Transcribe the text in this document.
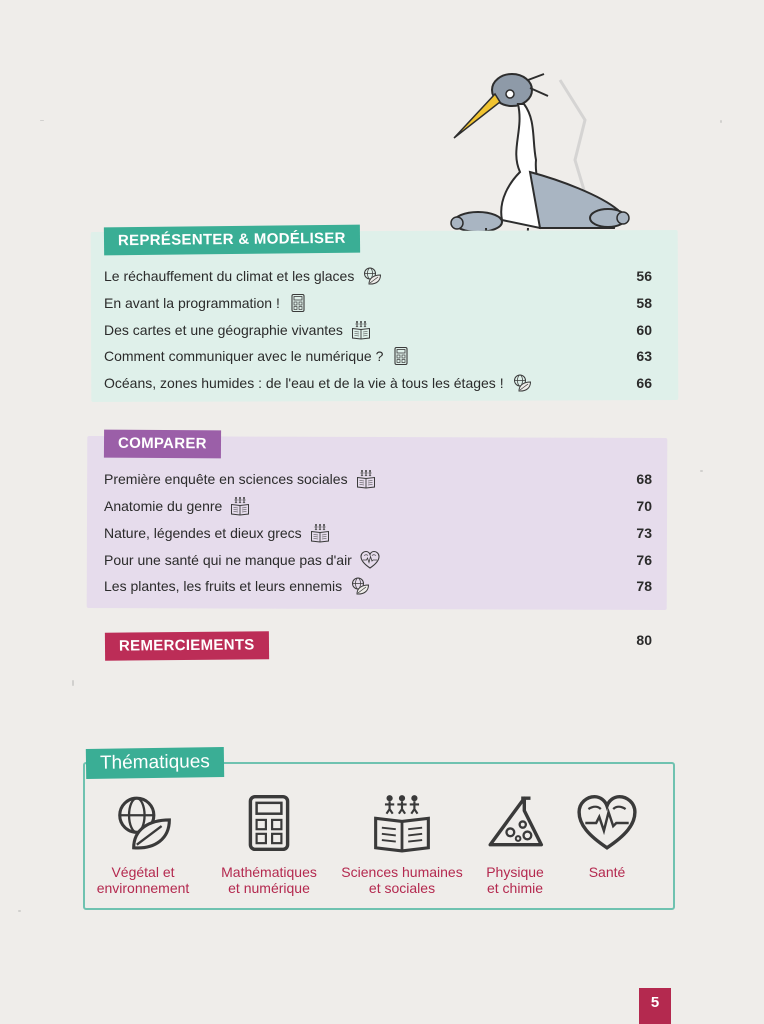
REPRÉSENTER & MODÉLISER
Le réchauffement du climat et les glaces	56
En avant la programmation !	58
Des cartes et une géographie vivantes	60
Comment communiquer avec le numérique ?	63
Océans, zones humides : de l'eau et de la vie à tous les étages !	66
COMPARER
Première enquête en sciences sociales	68
Anatomie du genre	70
Nature, légendes et dieux grecs	73
Pour une santé qui ne manque pas d'air	76
Les plantes, les fruits et leurs ennemis	78
REMERCIEMENTS	80
Thématiques
Végétal et
environnement
Mathématiques
et numérique
Sciences humaines
et sociales
Physique
et chimie
Santé
5
